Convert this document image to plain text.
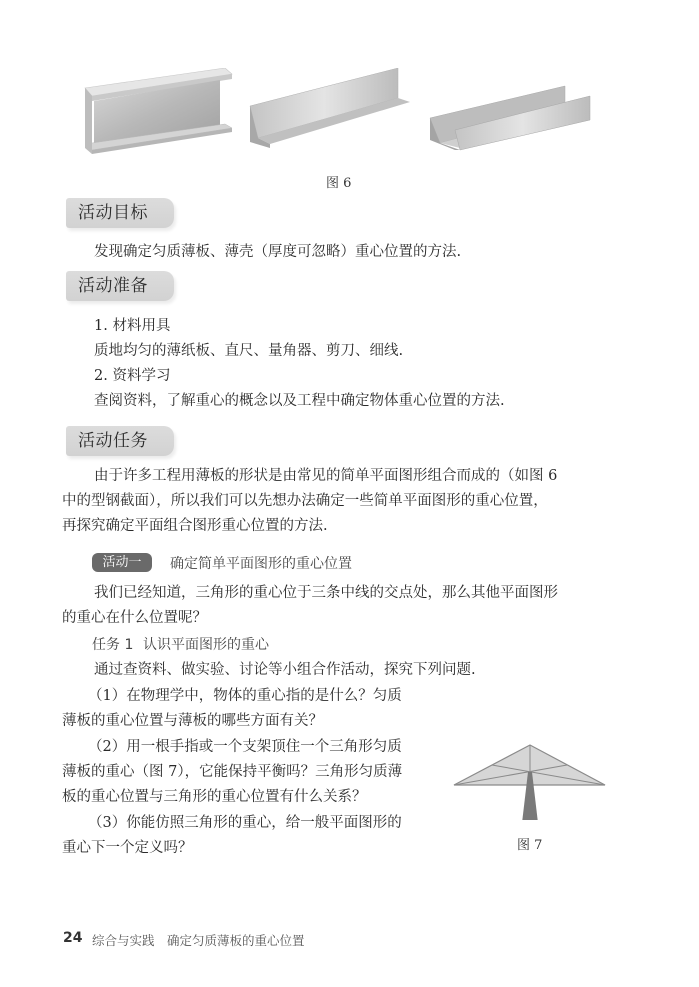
图 6
活动目标
发现确定匀质薄板、薄壳（厚度可忽略）重心位置的方法.
活动准备
1. 材料用具
质地均匀的薄纸板、直尺、量角器、剪刀、细线.
2. 资料学习
查阅资料，了解重心的概念以及工程中确定物体重心位置的方法.
活动任务
由于许多工程用薄板的形状是由常见的简单平面图形组合而成的（如图 6
中的型钢截面），所以我们可以先想办法确定一些简单平面图形的重心位置，
再探究确定平面组合图形重心位置的方法.
活动一	确定简单平面图形的重心位置
我们已经知道，三角形的重心位于三条中线的交点处，那么其他平面图形
的重心在什么位置呢？
任务 1 认识平面图形的重心
通过查资料、做实验、讨论等小组合作活动，探究下列问题.
（1）在物理学中，物体的重心指的是什么？匀质
薄板的重心位置与薄板的哪些方面有关？
（2）用一根手指或一个支架顶住一个三角形匀质
薄板的重心（图 7），它能保持平衡吗？三角形匀质薄
板的重心位置与三角形的重心位置有什么关系？
（3）你能仿照三角形的重心，给一般平面图形的
重心下一个定义吗？	图 7
24 综合与实践　确定匀质薄板的重心位置
